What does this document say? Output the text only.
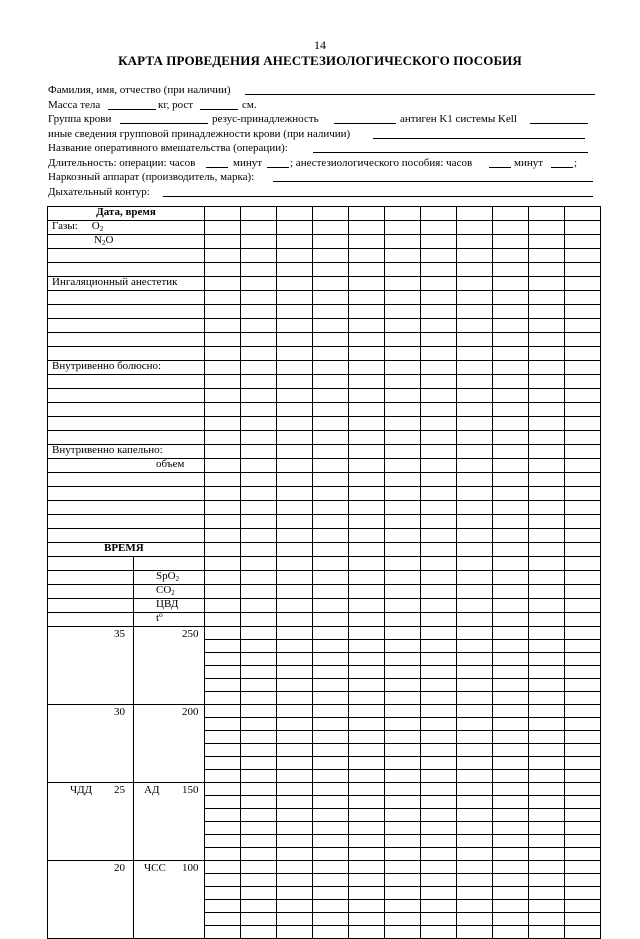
14
КАРТА ПРОВЕДЕНИЯ АНЕСТЕЗИОЛОГИЧЕСКОГО ПОСОБИЯ
Фамилия, имя, отчество (при наличии)
Масса тела	кг, рост	см.
Группа крови	резус-принадлежность	антиген K1 системы Kell
иные сведения групповой принадлежности крови (при наличии)
Название оперативного вмешательства (операции):
Длительность: операции: часов	минут	; анестезиологического пособия: часов	минут	;
Наркозный аппарат (производитель, марка):
Дыхательный контур:
Дата, время												
Газы: $O_2$											
$N_2O$												

Ингаляционный анестетик												

Внутривенно болюсно:												

Внутривенно капельно:												
объем												

ВРЕМЯ												

	SpO$_2$											
	$CO_2$											
	ЦВД											
	$t^o$											

35	250											

30	200											

ЧДД 25	АД 150											

20	ЧСС 100											
